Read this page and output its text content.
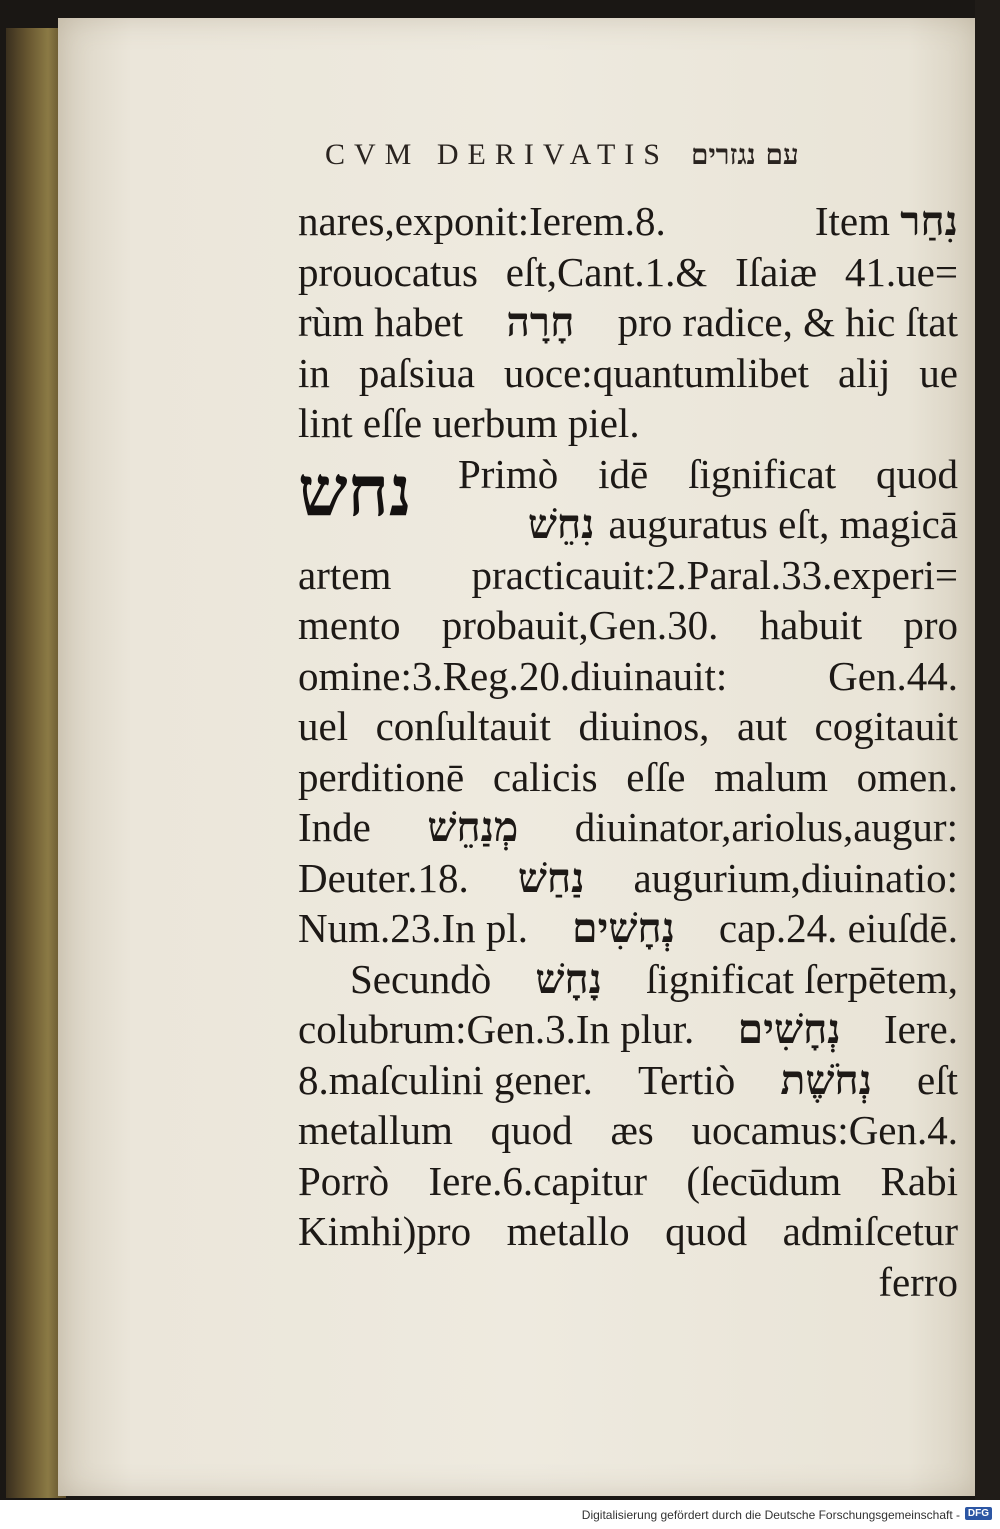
CVM DERIVATIS עם נגזרים
nares,exponit:Ierem.8.	Item נִחַר
prouocatus eſt,Cant.1.& Iſaiæ 41.ue=
rùm habet חָרָה pro radice, & hic ſtat
in paſsiua uoce:quantumlibet alij ue
lint eſſe uerbum piel.
נחש Primò idē ſignificat quod
נִחֵשׁ auguratus eſt, magicā
artem practicauit:2.Paral.33.experi=
mento probauit,Gen.30. habuit pro
omine:3.Reg.20.diuinauit: Gen.44.
uel conſultauit diuinos, aut cogitauit
perditionē calicis eſſe malum omen.
Inde מְנַחֵשׁ diuinator,ariolus,augur:
Deuter.18. נַחַשׁ augurium,diuinatio:
Num.23.In pl. נְחָשִׁים cap.24. eiuſdē.
Secundò נָחָשׁ ſignificat ſerpētem,
colubrum:Gen.3.In plur. נְחָשִׁים Iere.
8.maſculini gener. Tertiò נְחֹשֶׁת eſt
metallum quod æs uocamus:Gen.4.
Porrò Iere.6.capitur (ſecūdum Rabi
Kimhi)pro metallo quod admiſcetur
ferro
Digitalisierung gefördert durch die Deutsche Forschungsgemeinschaft - DFG
